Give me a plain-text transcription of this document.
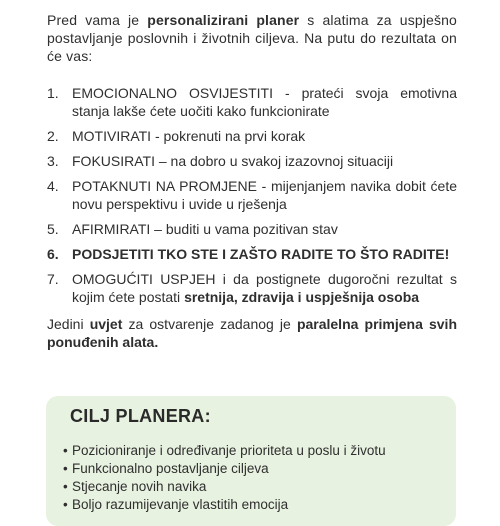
Pred vama je personalizirani planer s alatima za uspješno postavljanje poslovnih i životnih ciljeva. Na putu do rezultata on će vas:

1. EMOCIONALNO OSVIJESTITI - prateći svoja emotivna stanja lakše ćete uočiti kako funkcionirate
2. MOTIVIRATI - pokrenuti na prvi korak
3. FOKUSIRATI – na dobro u svakoj izazovnoj situaciji
4. POTAKNUTI NA PROMJENE - mijenjanjem navika dobit ćete novu perspektivu i uvide u rješenja
5. AFIRMIRATI – buditi u vama pozitivan stav
6. PODSJETITI TKO STE I ZAŠTO RADITE TO ŠTO RADITE!
7. OMOGUĆITI USPJEH i da postignete dugoročni rezultat s kojim ćete postati sretnija, zdravija i uspješnija osoba

Jedini uvjet za ostvarenje zadanog je paralelna primjena svih ponuđenih alata.

CILJ PLANERA:
• Pozicioniranje i određivanje prioriteta u poslu i životu
• Funkcionalno postavljanje ciljeva
• Stjecanje novih navika
• Boljo razumijevanje vlastitih emocija
